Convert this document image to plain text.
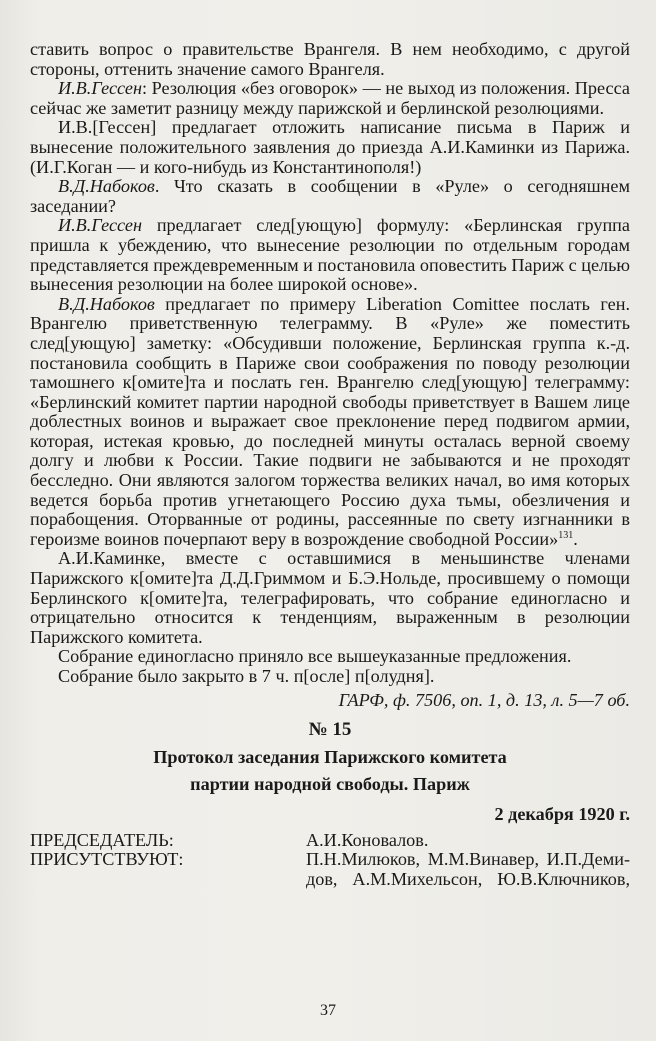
ставить вопрос о правительстве Врангеля. В нем необходимо, с другой стороны, оттенить значение самого Врангеля.

И.В.Гессен: Резолюция «без оговорок» — не выход из положения. Пресса сейчас же заметит разницу между парижской и берлинской резолюциями.

И.В.[Гессен] предлагает отложить написание письма в Париж и вынесение положительного заявления до приезда А.И.Каминки из Парижа. (И.Г.Коган — и кого-нибудь из Константинополя!)

В.Д.Набоков. Что сказать в сообщении в «Руле» о сегодняшнем заседании?

И.В.Гессен предлагает след[ующую] формулу: «Берлинская группа пришла к убеждению, что вынесение резолюции по отдельным городам представляется преждевременным и постановила оповестить Париж с целью вынесения резолюции на более широкой основе».

В.Д.Набоков предлагает по примеру Liberation Comittee послать ген. Врангелю приветственную телеграмму. В «Руле» же поместить след[ующую] заметку: «Обсудивши положение, Берлинская группа к.-д. постановила сообщить в Париже свои соображения по поводу резолюции тамошнего к[омите]та и послать ген. Врангелю след[ующую] телеграмму: «Берлинский комитет партии народной свободы приветствует в Вашем лице доблестных воинов и выражает свое преклонение перед подвигом армии, которая, истекая кровью, до последней минуты осталась верной своему долгу и любви к России. Такие подвиги не забываются и не проходят бесследно. Они являются залогом торжества великих начал, во имя которых ведется борьба против угнетающего Россию духа тьмы, обезличения и порабощения. Оторванные от родины, рассеянные по свету изгнанники в героизме воинов почерпают веру в возрождение свободной России»$^{131}$.

А.И.Каминке, вместе с оставшимися в меньшинстве членами Парижского к[омите]та Д.Д.Гриммом и Б.Э.Нольде, просившему о помощи Берлинского к[омите]та, телеграфировать, что собрание единогласно и отрицательно относится к тенденциям, выраженным в резолюции Парижского комитета.

Собрание единогласно приняло все вышеуказанные предложения.

Собрание было закрыто в 7 ч. п[осле] п[олудня].

ГАРФ, ф. 7506, оп. 1, д. 13, л. 5—7 об.

№ 15

Протокол заседания Парижского комитета

партии народной свободы. Париж

2 декабря 1920 г.

ПРЕДСЕДАТЕЛЬ:	А.И.Коновалов.
ПРИСУТСТВУЮТ:	П.Н.Милюков, М.М.Винавер, И.П.Деми-
дов, А.М.Михельсон, Ю.В.Ключников,
37
